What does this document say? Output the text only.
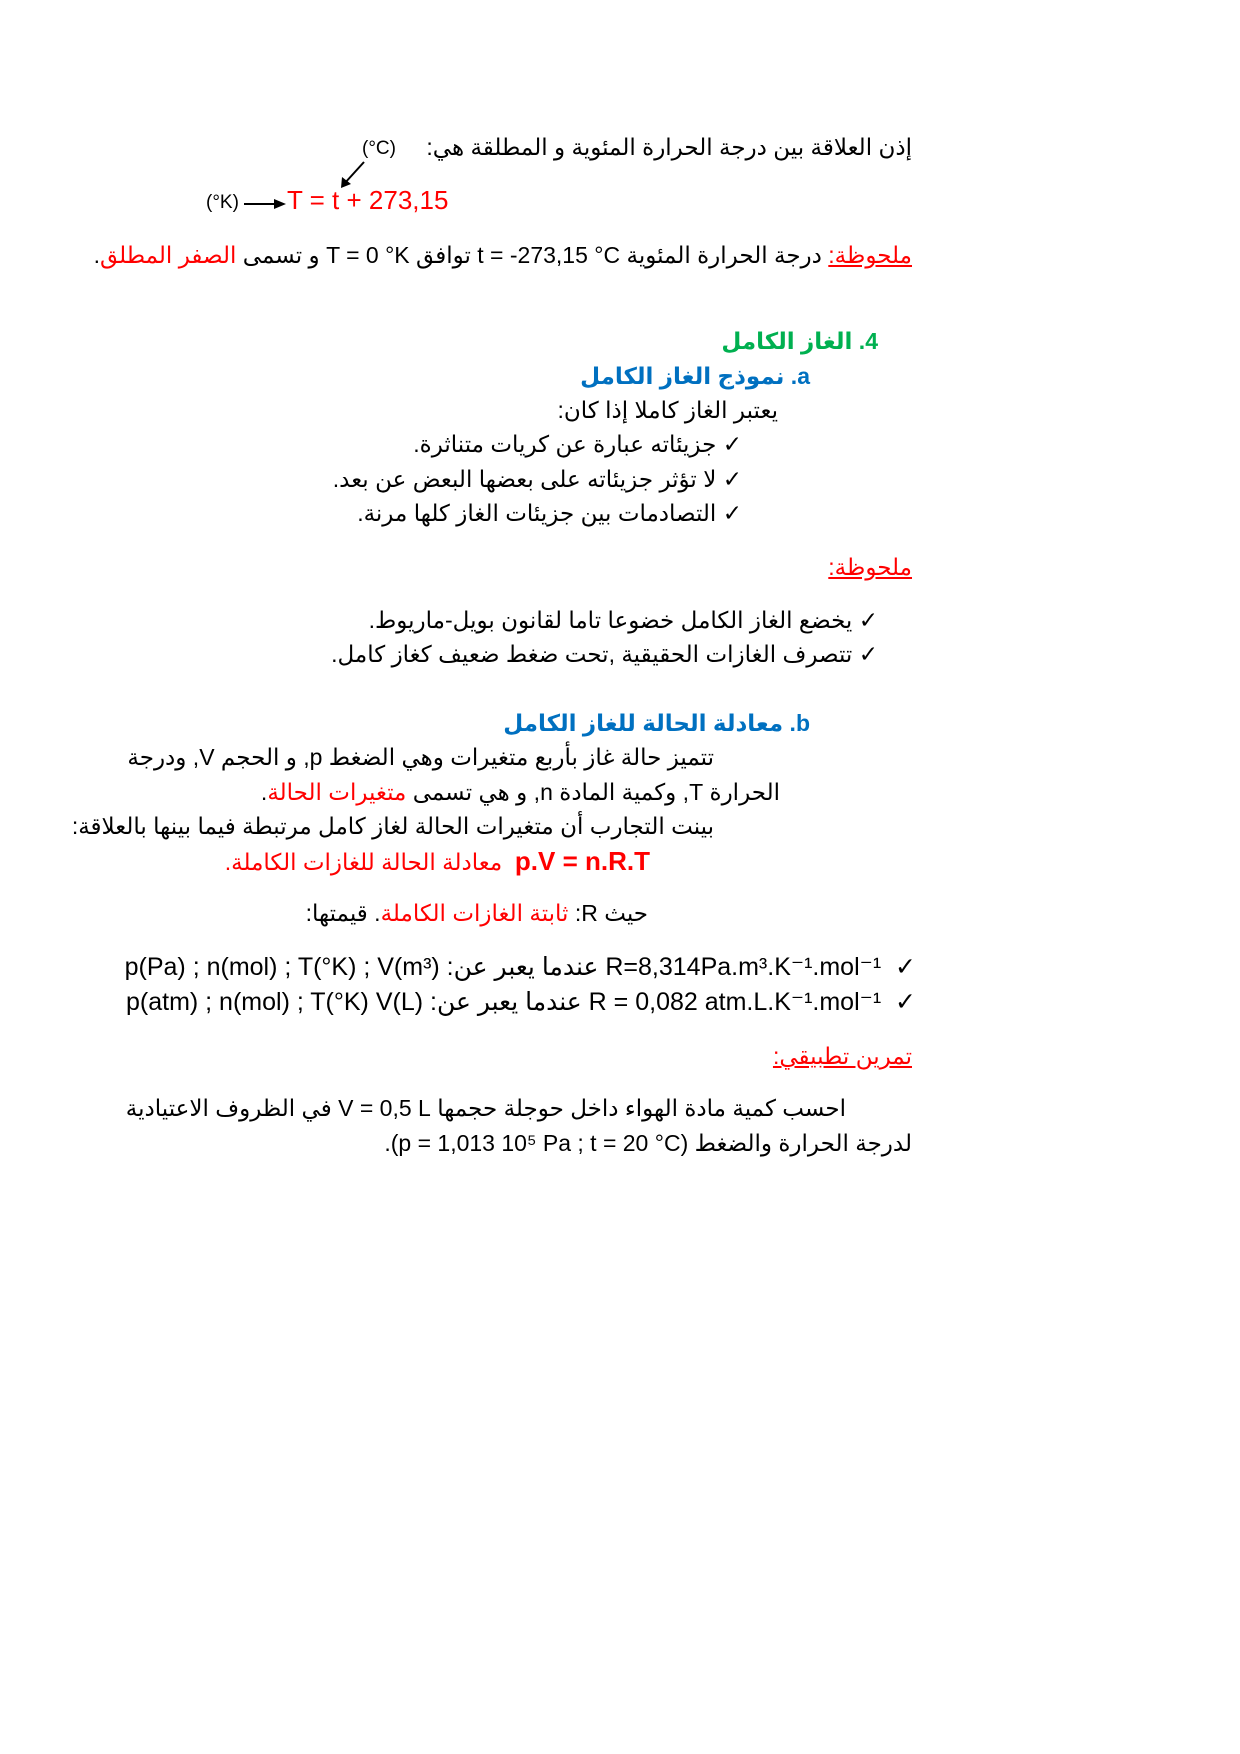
إذن العلاقة بين درجة الحرارة المئوية و المطلقة هي:
(°C)
(°K) T = t + 273,15
ملحوظة: درجة الحرارة المئوية t = -273,15 °C توافق T = 0 °K و تسمى الصفر المطلق.
4. الغاز الكامل
a. نموذج الغاز الكامل
يعتبر الغاز كاملا إذا كان:
✓ جزيئاته عبارة عن كريات متناثرة.
✓ لا تؤثر جزيئاته على بعضها البعض عن بعد.
✓ التصادمات بين جزيئات الغاز كلها مرنة.
ملحوظة:
✓ يخضع الغاز الكامل خضوعا تاما لقانون بويل-ماريوط.
✓ تتصرف الغازات الحقيقية ,تحت ضغط ضعيف كغاز كامل.
b. معادلة الحالة للغاز الكامل
تتميز حالة غاز بأربع متغيرات وهي الضغط p, و الحجم V, ودرجة
الحرارة T, وكمية المادة n, و هي تسمى متغيرات الحالة.
بينت التجارب أن متغيرات الحالة لغاز كامل مرتبطة فيما بينها بالعلاقة:
p.V = n.R.T  معادلة الحالة للغازات الكاملة.
حيث R: ثابتة الغازات الكاملة. قيمتها:
✓  R=8,314Pa.m³.K⁻¹.mol⁻¹ عندما يعبر عن: p(Pa) ; n(mol) ; T(°K) ; V(m³)
✓  R = 0,082 atm.L.K⁻¹.mol⁻¹ عندما يعبر عن: p(atm) ; n(mol) ; T(°K) V(L)
تمرين تطبيقي:
احسب كمية مادة الهواء داخل حوجلة حجمها V = 0,5 L في الظروف الاعتيادية
لدرجة الحرارة والضغط (p = 1,013 10⁵ Pa ; t = 20 °C).
